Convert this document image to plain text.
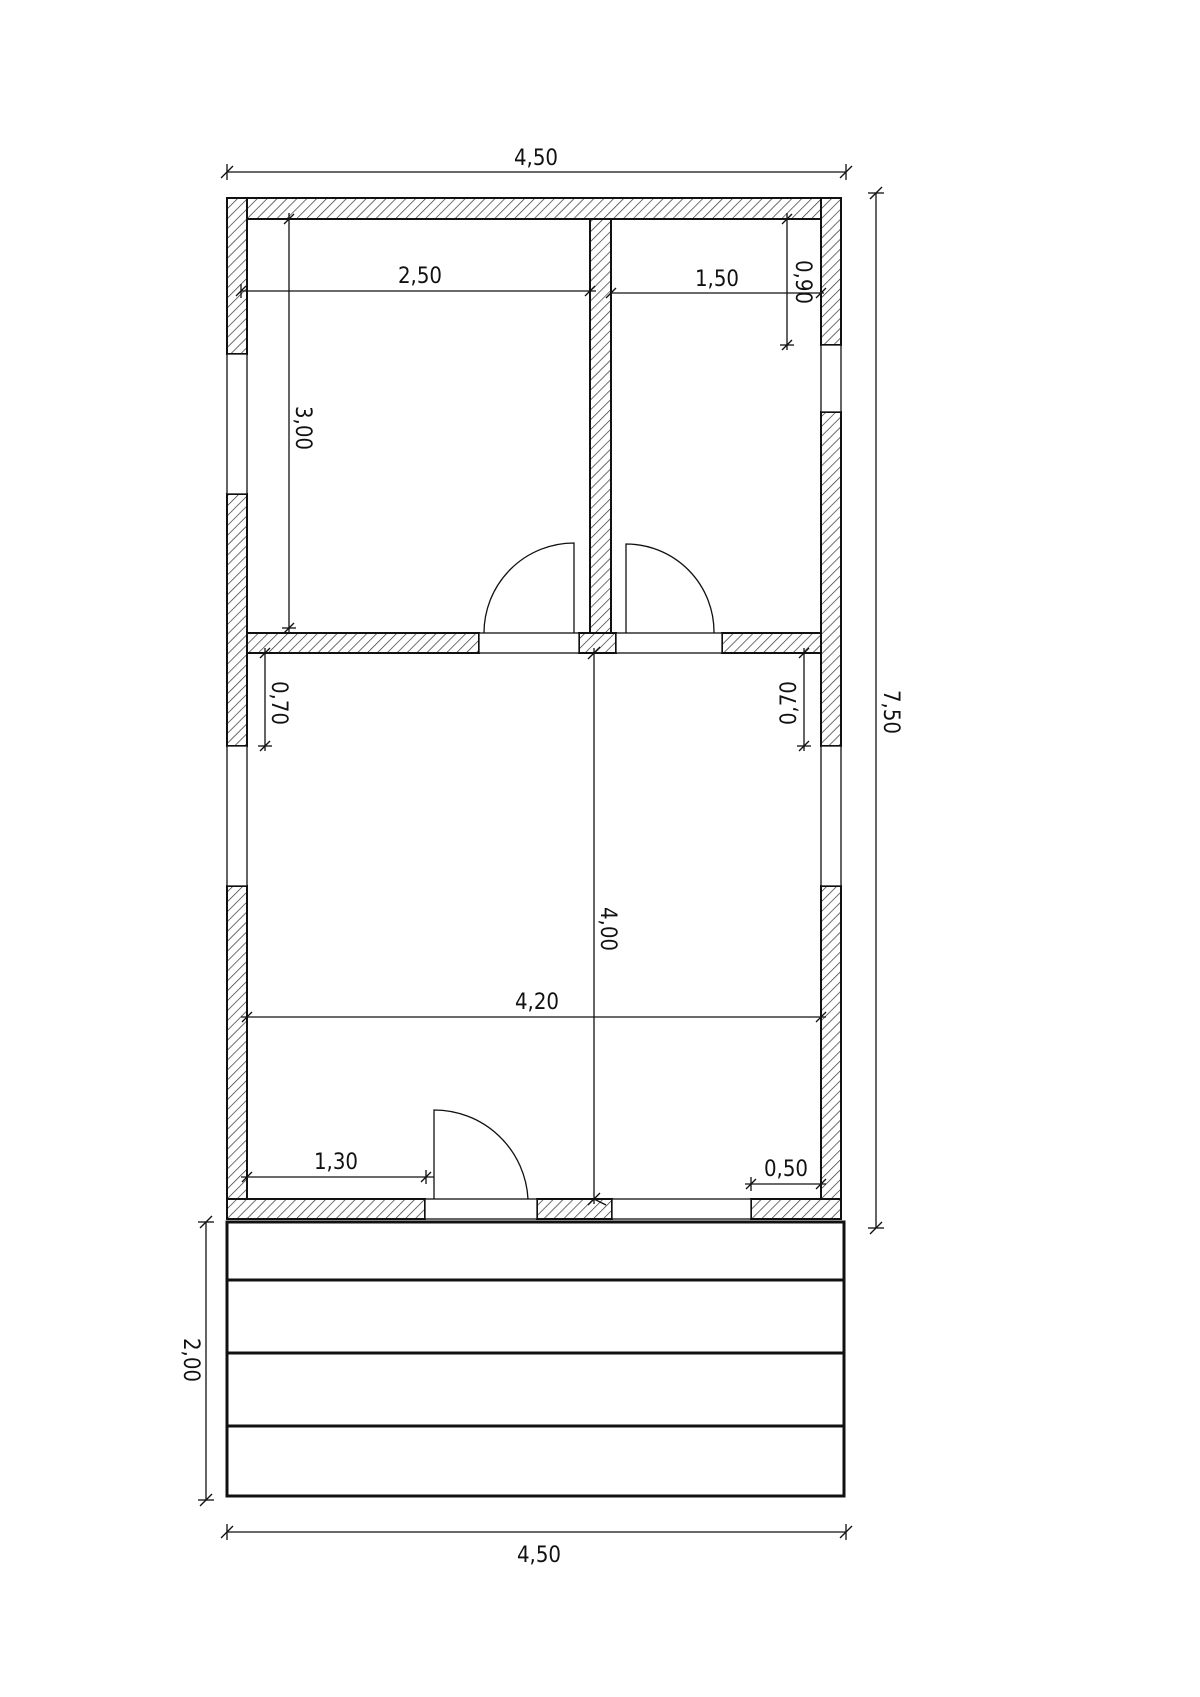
4,50
4,50
2,50	1,50
4,20
1,30	0,50
3,00
0,90
0,70
4,00
7,50
2,00
0,70
